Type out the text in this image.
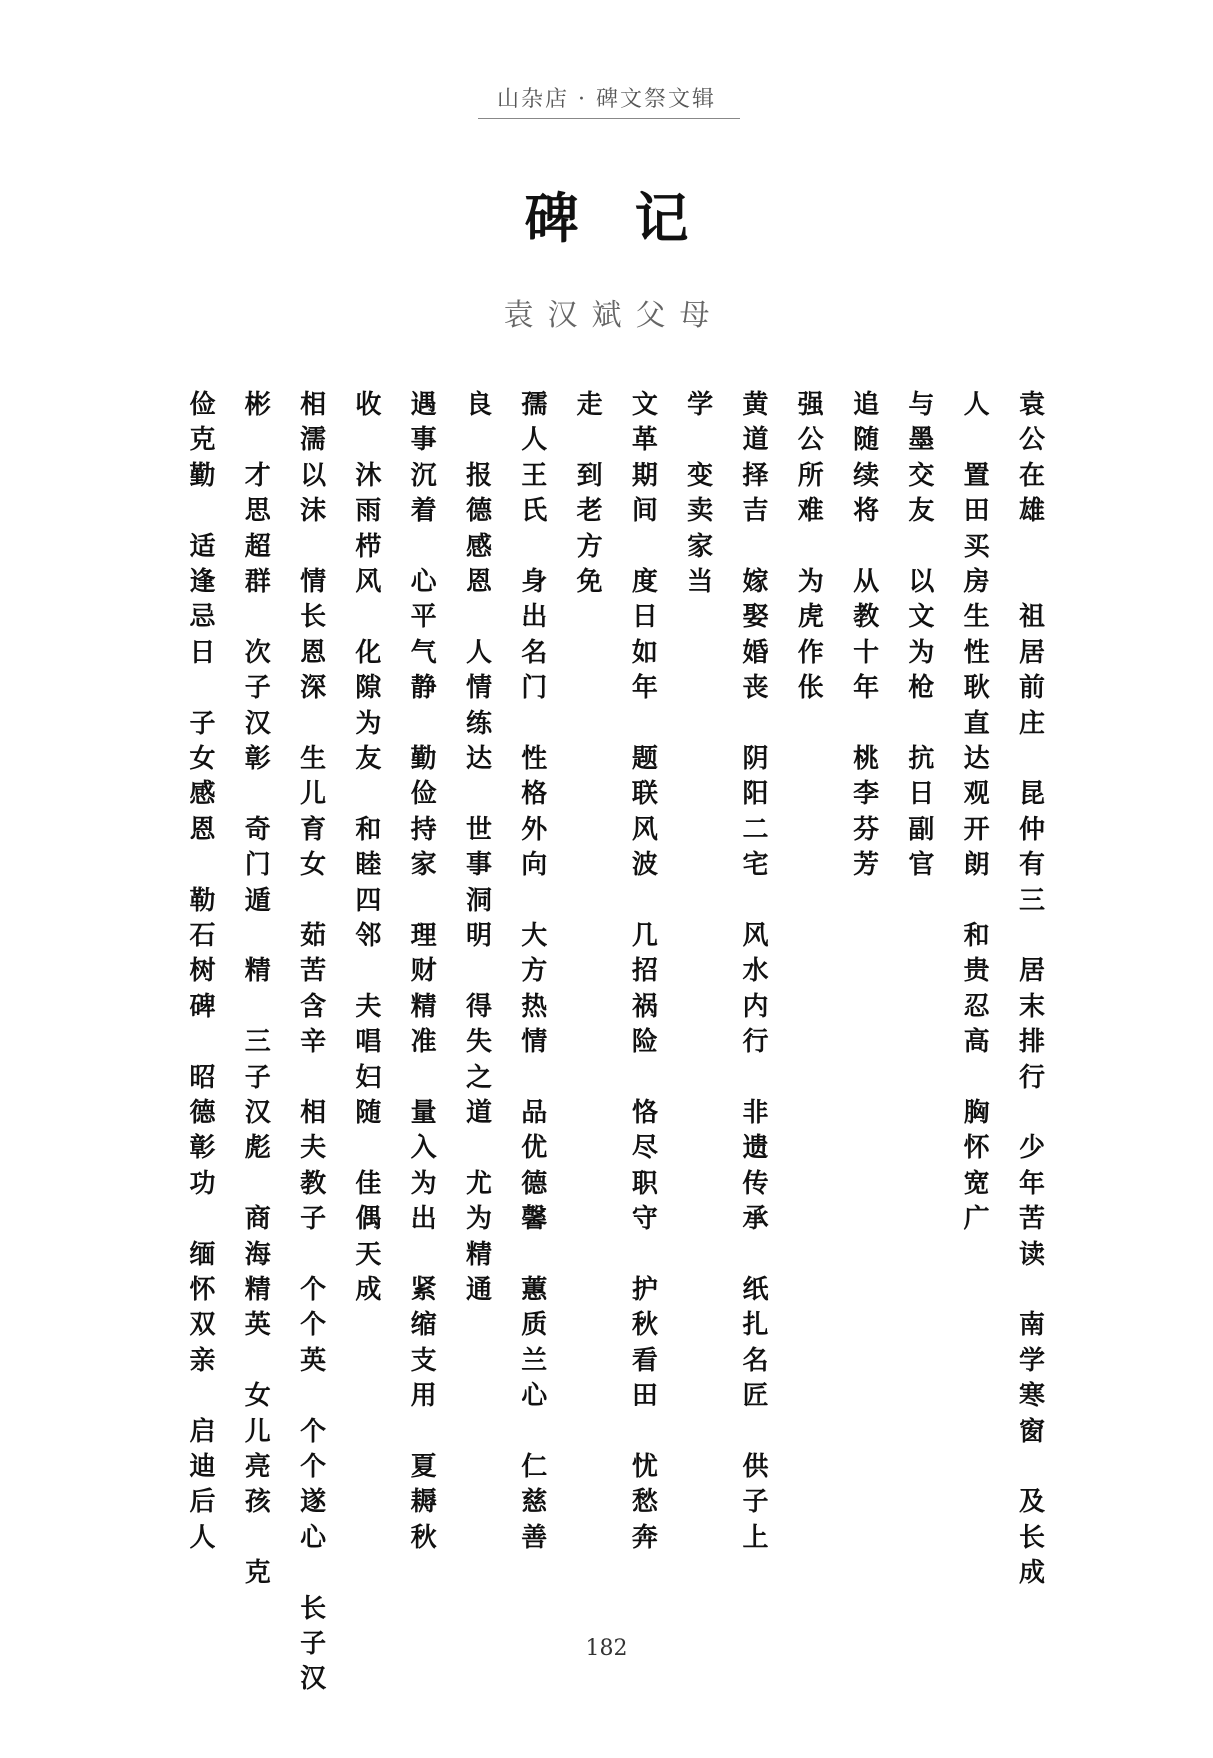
山杂店 · 碑文祭文辑
碑记
袁汉斌父母
袁
公
在
雄
祖
居
前
庄
昆
仲
有
三
居
末
排
行
少
年
苦
读
南
学
寒
窗
及
长
成
人
置
田
买
房
生
性
耿
直
达
观
开
朗
和
贵
忍
高
胸
怀
宽
广
与
墨
交
友
以
文
为
枪
抗
日
副
官
追
随
续
将
从
教
十
年
桃
李
芬
芳
强
公
所
难
为
虎
作
伥
黄
道
择
吉
嫁
娶
婚
丧
阴
阳
二
宅
风
水
内
行
非
遗
传
承
纸
扎
名
匠
供
子
上
学
变
卖
家
当
文
革
期
间
度
日
如
年
题
联
风
波
几
招
祸
险
恪
尽
职
守
护
秋
看
田
忧
愁
奔
走
到
老
方
免
孺
人
王
氏
身
出
名
门
性
格
外
向
大
方
热
情
品
优
德
馨
蕙
质
兰
心
仁
慈
善
良
报
德
感
恩
人
情
练
达
世
事
洞
明
得
失
之
道
尤
为
精
通
遇
事
沉
着
心
平
气
静
勤
俭
持
家
理
财
精
准
量
入
为
出
紧
缩
支
用
夏
耨
秋
收
沐
雨
栉
风
化
隙
为
友
和
睦
四
邻
夫
唱
妇
随
佳
偶
天
成
相
濡
以
沫
情
长
恩
深
生
儿
育
女
茹
苦
含
辛
相
夫
教
子
个
个
英
个
个
遂
心
长
子
汉
彬
才
思
超
群
次
子
汉
彰
奇
门
遁
精
三
子
汉
彪
商
海
精
英
女
儿
亮
孩
克
俭
克
勤
适
逢
忌
日
子
女
感
恩
勒
石
树
碑
昭
德
彰
功
缅
怀
双
亲
启
迪
后
人
182
